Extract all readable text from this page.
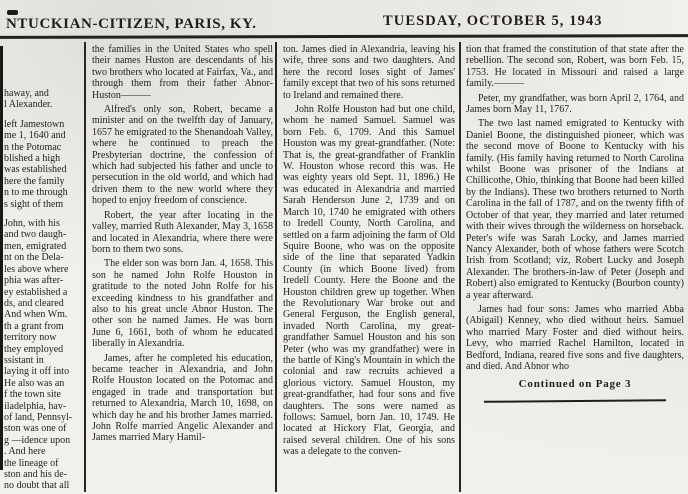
NTUCKIAN-CITIZEN, PARIS, KY.	TUESDAY, OCTOBER 5, 1943
haway, and
l Alexander.
left Jamestown
me 1, 1640 and
n the Potomac
blished a high
was established
here the family
n to me through
s sight of them
John, with his
and two daugh-
men, emigrated
nt on the Dela-
les above where
phia was after-
ey established a
ds, and cleared
And when Wm.
th a grant from
territory now
they employed
ssistant in
laying it off into
He also was an
f the town site
iladelphia, hav-
of land, Pennsyl-
ston was one of
g —idence upon
. And here
the lineage of
ston and his de-
no doubt that all

the families in the United States who spell their names Huston are descendants of his two brothers who located at Fairfax, Va., and through them from their father Abnor-Huston———

Alfred's only son, Robert, became a minister and on the twelfth day of January, 1657 he emigrated to the Shenandoah Valley, where he continued to preach the Presbyterian doctrine, the confession of which had subjected his father and uncle to persecution in the old world, and which had driven them to the new world where they hoped to enjoy freedom of conscience.

Robert, the year after locating in the valley, married Ruth Alexander, May 3, 1658 and located in Alexandria, where there were born to them two sons.

The elder son was born Jan. 4, 1658. This son he named John Rolfe Houston in gratitude to the noted John Rolfe for his exceeding kindness to his grandfather and also to his great uncle Abnor Huston. The other son he named James. He was born June 6, 1661, both of whom he educated liberally in Alexandria.

James, after he completed his education, became teacher in Alexandria, and John Rolfe Houston located on the Potomac and engaged in trade and transportation but returned to Alexandria, March 10, 1698, on which day he and his brother James married. John Rolfe married Angelic Alexander and James married Mary Hamil-

ton. James died in Alexandria, leaving his wife, three sons and two daughters. And here the record loses sight of James' family except that two of his sons returned to Ireland and remained there.

John Rolfe Houston had but one child, whom he named Samuel. Samuel was born Feb. 6, 1709. And this Samuel Houston was my great-grandfather. (Note: That is, the great-grandfather of Franklin W. Houston whose record this was. He was eighty years old Sept. 11, 1896.) He was educated in Alexandria and married Sarah Henderson June 2, 1739 and on March 10, 1740 he emigrated with others to Iredell County, North Carolina, and settled on a farm adjoining the farm of Old Squire Boone, who was on the opposite side of the line that separated Yadkin County (in which Boone lived) from Iredell County. Here the Boone and the Houston children grew up together. When the Revolutionary War broke out and General Ferguson, the English general, invaded North Carolina, my great-grandfather Samuel Houston and his son Peter (who was my grandfather) were in the battle of King's Mountain in which the colonial and raw recruits achieved a glorious victory. Samuel Houston, my great-grandfather, had four sons and five daughters. The sons were named as follows: Samuel, born Jan. 10, 1749. He located at Hickory Flat, Georgia, and raised several children. One of his sons was a delegate to the conven-

tion that framed the constitution of that state after the rebellion. The second son, Robert, was born Feb. 15, 1753. He located in Missouri and raised a large family.———

Peter, my grandfather, was born April 2, 1764, and James born May 11, 1767.

The two last named emigrated to Kentucky with Daniel Boone, the distinguished pioneer, which was the second move of Boone to Kentucky with his family. (His family having returned to North Carolina whilst Boone was prisoner of the Indians at Chillicothe, Ohio, thinking that Boone had been killed by the Indians). These two brothers returned to North Carolina in the fall of 1787, and on the twenty fifth of October of that year, they married and later returned with their wives through the wilderness on horseback. Peter's wife was Sarah Locky, and James married Nancy Alexander, both of whose fathers were Scotch Irish from Scotland; viz, Robert Lucky and Joseph Alexander. The brothers-in-law of Peter (Joseph and Robert) also emigrated to Kentucky (Bourbon county) a year afterward.

James had four sons: James who married Abba (Abigail) Kenney, who died without heirs. Samuel who married Mary Foster and died without heirs. Levy, who married Rachel Hamilton, located in Bedford, Indiana, reared five sons and five daughters, and died. And Abnor who

Continued on Page 3
